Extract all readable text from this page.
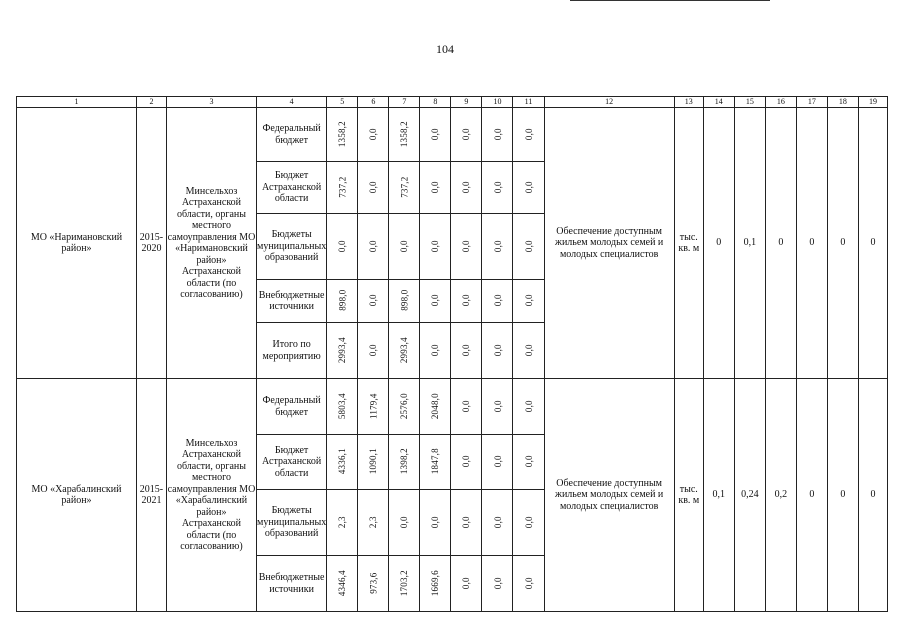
104
1	2	3	4	5	6	7	8	9	10	11	12	13	14	15	16	17	18	19
МО «Наримановский район»	2015-2020	Минсельхоз Астраханской области, органы местного самоуправления МО «Наримановский район» Астраханской области (по согласованию)	Федеральный бюджет	1358,2	0,0	1358,2	0,0	0,0	0,0	0,0	Обеспечение доступным жильем молодых семей и молодых специалистов	тыс. кв. м	0	0,1	0	0	0	0
			Бюджет Астраханской области	737,2	0,0	737,2	0,0	0,0	0,0	0,0								
			Бюджеты муниципальных образований	0,0	0,0	0,0	0,0	0,0	0,0	0,0								
			Внебюджетные источники	898,0	0,0	898,0	0,0	0,0	0,0	0,0								
			Итого по мероприятию	2993,4	0,0	2993,4	0,0	0,0	0,0	0,0								
МО «Харабалинский район»	2015-2021	Минсельхоз Астраханской области, органы местного самоуправления МО «Харабалинский район» Астраханской области (по согласованию)	Федеральный бюджет	5803,4	1179,4	2576,0	2048,0	0,0	0,0	0,0	Обеспечение доступным жильем молодых семей и молодых специалистов	тыс. кв. м	0,1	0,24	0,2	0	0	0
			Бюджет Астраханской области	4336,1	1090,1	1398,2	1847,8	0,0	0,0	0,0								
			Бюджеты муниципальных образований	2,3	2,3	0,0	0,0	0,0	0,0	0,0								
			Внебюджетные источники	4346,4	973,6	1703,2	1669,6	0,0	0,0	0,0								
